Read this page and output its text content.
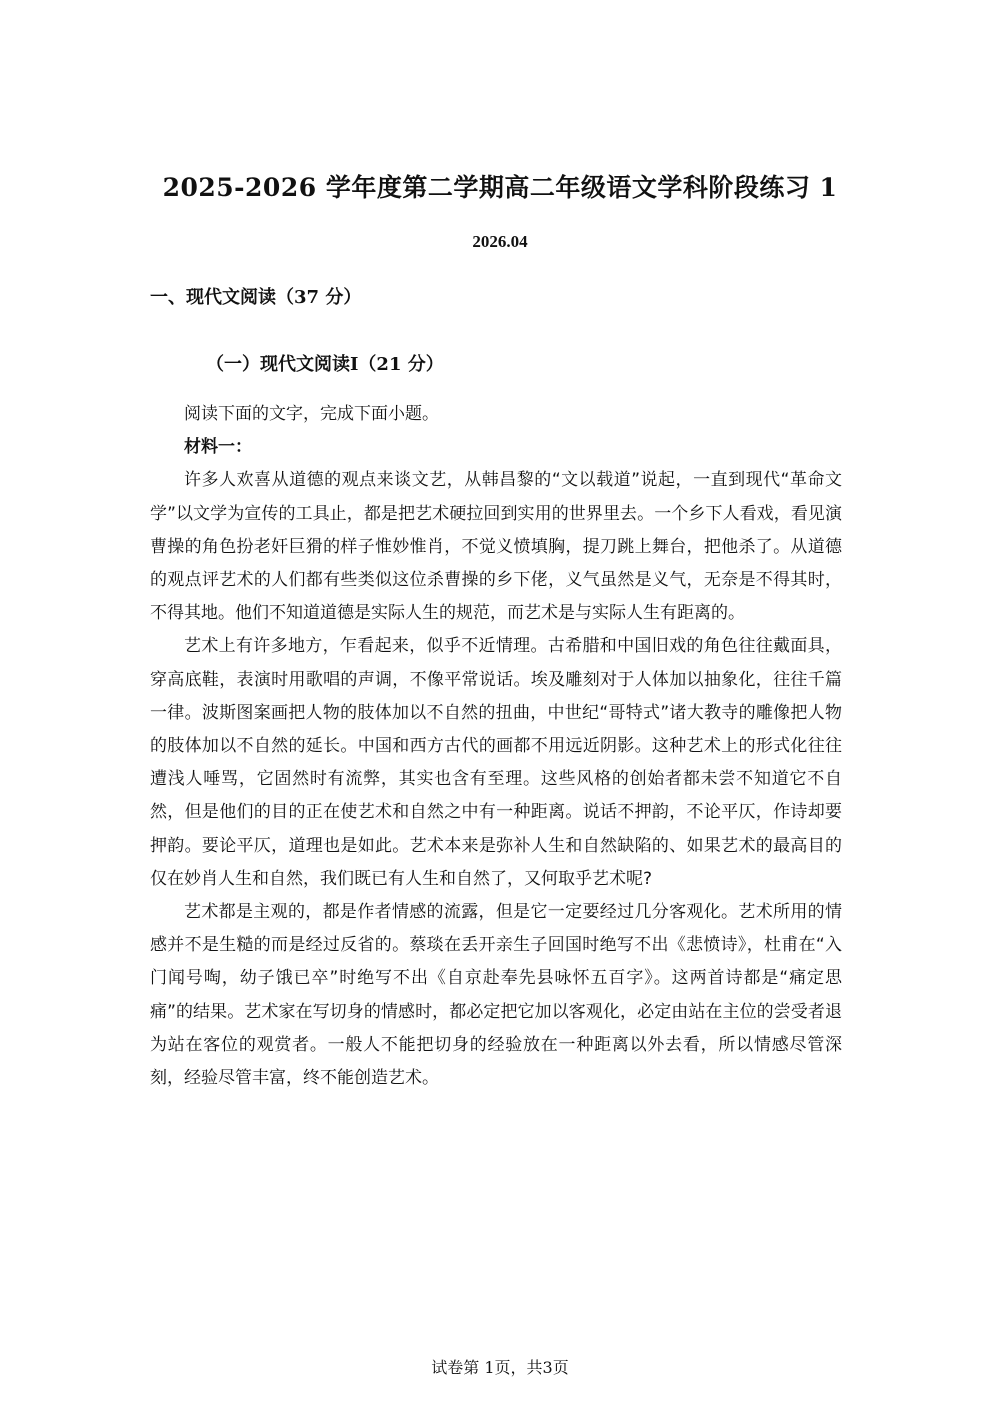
2025-2026 学年度第二学期高二年级语文学科阶段练习 1
2026.04
一、现代文阅读（37 分）
（一）现代文阅读Ⅰ（21 分）

阅读下面的文字，完成下面小题。

材料一：

许多人欢喜从道德的观点来谈文艺，从韩昌黎的“文以载道”说起，一直到现代“革命文学”以文学为宣传的工具止，都是把艺术硬拉回到实用的世界里去。一个乡下人看戏，看见演曹操的角色扮老奸巨猾的样子惟妙惟肖，不觉义愤填胸，提刀跳上舞台，把他杀了。从道德的观点评艺术的人们都有些类似这位杀曹操的乡下佬，义气虽然是义气，无奈是不得其时，不得其地。他们不知道道德是实际人生的规范，而艺术是与实际人生有距离的。

艺术上有许多地方，乍看起来，似乎不近情理。古希腊和中国旧戏的角色往往戴面具，穿高底鞋，表演时用歌唱的声调，不像平常说话。埃及雕刻对于人体加以抽象化，往往千篇一律。波斯图案画把人物的肢体加以不自然的扭曲，中世纪“哥特式”诸大教寺的雕像把人物的肢体加以不自然的延长。中国和西方古代的画都不用远近阴影。这种艺术上的形式化往往遭浅人唾骂，它固然时有流弊，其实也含有至理。这些风格的创始者都未尝不知道它不自然，但是他们的目的正在使艺术和自然之中有一种距离。说话不押韵，不论平仄，作诗却要押韵。要论平仄，道理也是如此。艺术本来是弥补人生和自然缺陷的、如果艺术的最高目的仅在妙肖人生和自然，我们既已有人生和自然了，又何取乎艺术呢?

艺术都是主观的，都是作者情感的流露，但是它一定要经过几分客观化。艺术所用的情感并不是生糙的而是经过反省的。蔡琰在丢开亲生子回国时绝写不出《悲愤诗》，杜甫在“入门闻号啕，幼子饿已卒”时绝写不出《自京赴奉先县咏怀五百字》。这两首诗都是“痛定思痛”的结果。艺术家在写切身的情感时，都必定把它加以客观化，必定由站在主位的尝受者退为站在客位的观赏者。一般人不能把切身的经验放在一种距离以外去看，所以情感尽管深刻，经验尽管丰富，终不能创造艺术。

试卷第 1页，共3页
